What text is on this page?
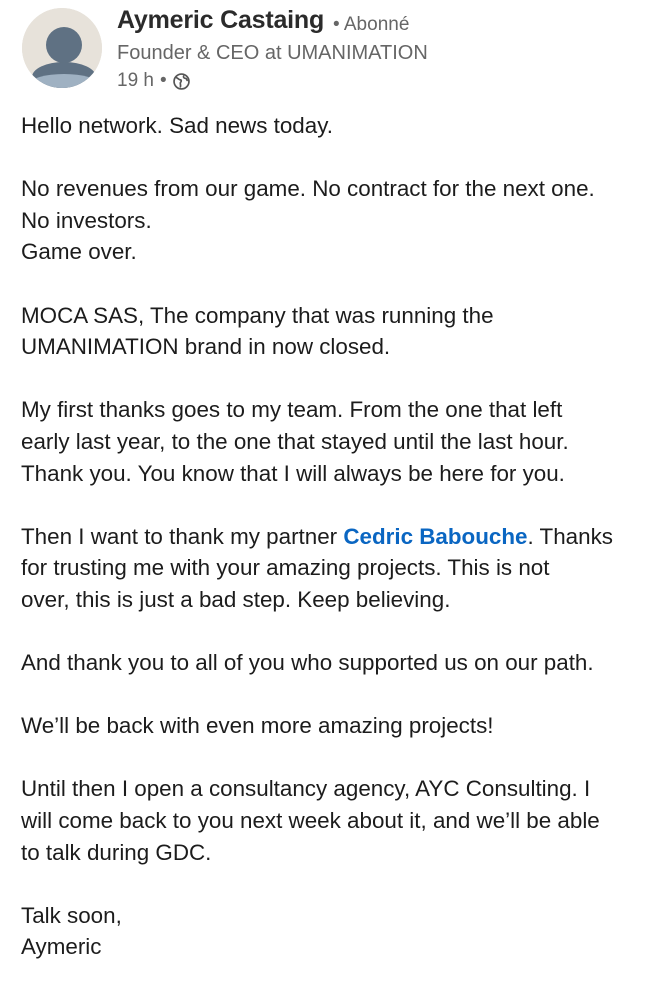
Aymeric Castaing • Abonné
Founder & CEO at UMANIMATION
19 h •

Hello network. Sad news today.

No revenues from our game. No contract for the next one.
No investors.
Game over.

MOCA SAS, The company that was running the
UMANIMATION brand in now closed.

My first thanks goes to my team. From the one that left
early last year, to the one that stayed until the last hour.
Thank you. You know that I will always be here for you.

Then I want to thank my partner Cedric Babouche. Thanks
for trusting me with your amazing projects. This is not
over, this is just a bad step. Keep believing.

And thank you to all of you who supported us on our path.

We’ll be back with even more amazing projects!

Until then I open a consultancy agency, AYC Consulting. I
will come back to you next week about it, and we’ll be able
to talk during GDC.

Talk soon,
Aymeric
